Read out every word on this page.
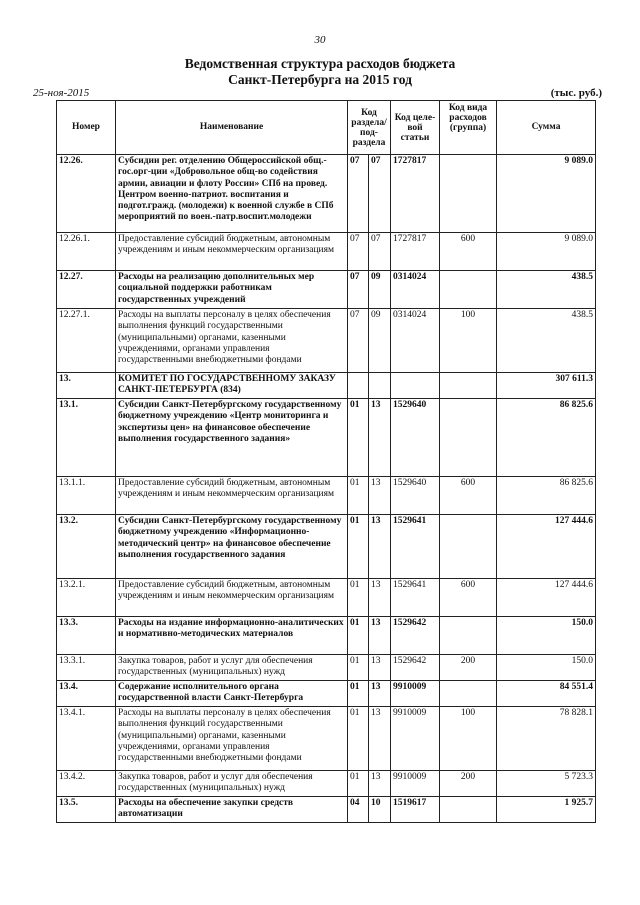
30
Ведомственная структура расходов бюджета
Санкт-Петербурга на 2015 год
25-ноя-2015	(тыс. руб.)
Номер	Наименование	Код раздела/ под-раздела		Код целе-вой статьи	Код вида расходов (группа)	Сумма
12.26.	Субсидии рег. отделению Общероссийской общ.-гос.орг-ции «Добровольное общ-во содействия армии, авиации и флоту России» СПб на провед. Центром военно-патриот. воспитания и подгот.гражд. (молодежи) к военной службе в СПб мероприятий по воен.-патр.воспит.молодежи	07	07	1727817		9 089.0
12.26.1.	Предоставление субсидий бюджетным, автономным учреждениям и иным некоммерческим организациям	07	07	1727817	600	9 089.0
12.27.	Расходы на реализацию дополнительных мер социальной поддержки работникам государственных учреждений	07	09	0314024		438.5
12.27.1.	Расходы на выплаты персоналу в целях обеспечения выполнения функций государственными (муниципальными) органами, казенными учреждениями, органами управления государственными внебюджетными фондами	07	09	0314024	100	438.5
13.	КОМИТЕТ ПО ГОСУДАРСТВЕННОМУ ЗАКАЗУ САНКТ-ПЕТЕРБУРГА (834)					307 611.3
13.1.	Субсидии Санкт-Петербургскому государственному бюджетному учреждению «Центр мониторинга и экспертизы цен» на финансовое обеспечение выполнения государственного задания»	01	13	1529640		86 825.6
13.1.1.	Предоставление субсидий бюджетным, автономным учреждениям и иным некоммерческим организациям	01	13	1529640	600	86 825.6
13.2.	Субсидии Санкт-Петербургскому государственному бюджетному учреждению «Информационно-методический центр» на финансовое обеспечение выполнения государственного задания	01	13	1529641		127 444.6
13.2.1.	Предоставление субсидий бюджетным, автономным учреждениям и иным некоммерческим организациям	01	13	1529641	600	127 444.6
13.3.	Расходы на издание информационно-аналитических и нормативно-методических материалов	01	13	1529642		150.0
13.3.1.	Закупка товаров, работ и услуг для обеспечения государственных (муниципальных) нужд	01	13	1529642	200	150.0
13.4.	Содержание исполнительного органа государственной власти Санкт-Петербурга	01	13	9910009		84 551.4
13.4.1.	Расходы на выплаты персоналу в целях обеспечения выполнения функций государственными (муниципальными) органами, казенными учреждениями, органами управления государственными внебюджетными фондами	01	13	9910009	100	78 828.1
13.4.2.	Закупка товаров, работ и услуг для обеспечения государственных (муниципальных) нужд	01	13	9910009	200	5 723.3
13.5.	Расходы на обеспечение закупки средств автоматизации	04	10	1519617		1 925.7
